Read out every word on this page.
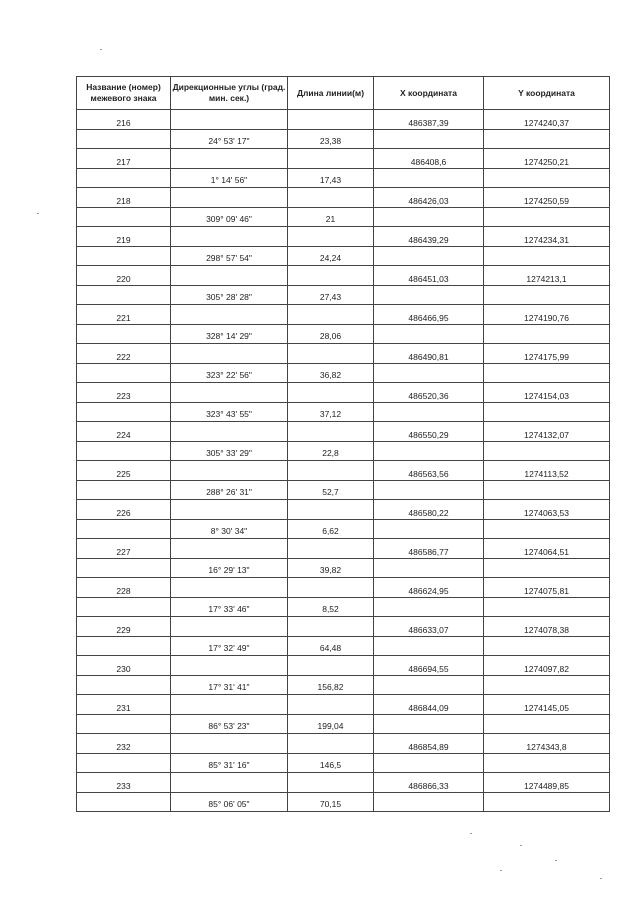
Название (номер) межевого знака	Дирекционные углы (град. мин. сек.)	Длина линии(м)	X координата	Y координата
216			486387,39	1274240,37
	24° 53' 17"	23,38		
217			486408,6	1274250,21
	1° 14' 56"	17,43		
218			486426,03	1274250,59
	309° 09' 46"	21		
219			486439,29	1274234,31
	298° 57' 54"	24,24		
220			486451,03	1274213,1
	305° 28' 28"	27,43		
221			486466,95	1274190,76
	328° 14' 29"	28,06		
222			486490,81	1274175,99
	323° 22' 56"	36,82		
223			486520,36	1274154,03
	323° 43' 55"	37,12		
224			486550,29	1274132,07
	305° 33' 29"	22,8		
225			486563,56	1274113,52
	288° 26' 31"	52,7		
226			486580,22	1274063,53
	8° 30' 34"	6,62		
227			486586,77	1274064,51
	16° 29' 13"	39,82		
228			486624,95	1274075,81
	17° 33' 46"	8,52		
229			486633,07	1274078,38
	17° 32' 49"	64,48		
230			486694,55	1274097,82
	17° 31' 41"	156,82		
231			486844,09	1274145,05
	86° 53' 23"	199,04		
232			486854,89	1274343,8
	85° 31' 16"	146,5		
233			486866,33	1274489,85
	85° 06' 05"	70,15		
